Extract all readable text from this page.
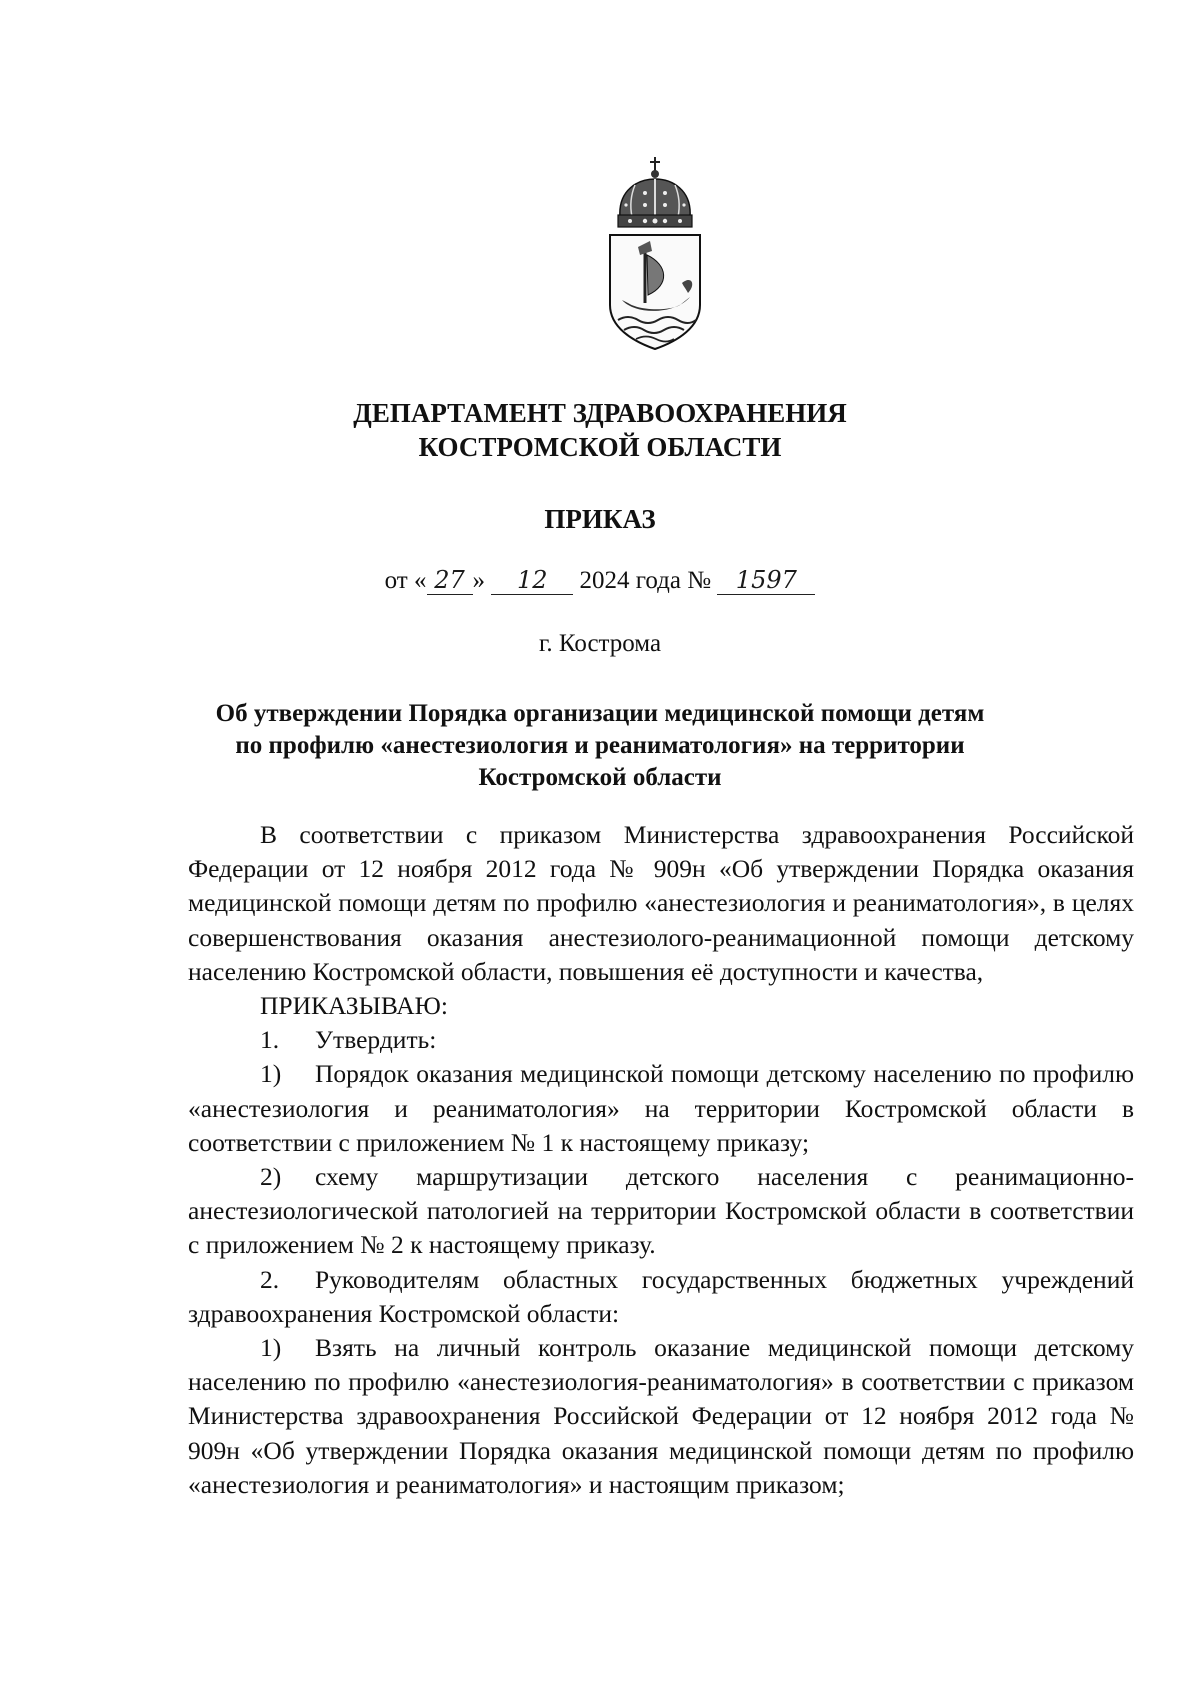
ДЕПАРТАМЕНТ ЗДРАВООХРАНЕНИЯ
КОСТРОМСКОЙ ОБЛАСТИ
ПРИКАЗ
от « 27 » 12 2024 года № 1597
г. Кострома
Об утверждении Порядка организации медицинской помощи детям
по профилю «анестезиология и реаниматология» на территории
Костромской области

В соответствии с приказом Министерства здравоохранения Российской Федерации от 12 ноября 2012 года № 909н «Об утверждении Порядка оказания медицинской помощи детям по профилю «анестезиология и реаниматология», в целях совершенствования оказания анестезиолого-реанимационной помощи детскому населению Костромской области, повышения её доступности и качества,

ПРИКАЗЫВАЮ:

1. Утвердить:

1) Порядок оказания медицинской помощи детскому населению по профилю «анестезиология и реаниматология» на территории Костромской области в соответствии с приложением № 1 к настоящему приказу;

2) схему маршрутизации детского населения с реанимационно-анестезиологической патологией на территории Костромской области в соответствии с приложением № 2 к настоящему приказу.

2. Руководителям областных государственных бюджетных учреждений здравоохранения Костромской области:

1) Взять на личный контроль оказание медицинской помощи детскому населению по профилю «анестезиология-реаниматология» в соответствии с приказом Министерства здравоохранения Российской Федерации от 12 ноября 2012 года № 909н «Об утверждении Порядка оказания медицинской помощи детям по профилю «анестезиология и реаниматология» и настоящим приказом;
